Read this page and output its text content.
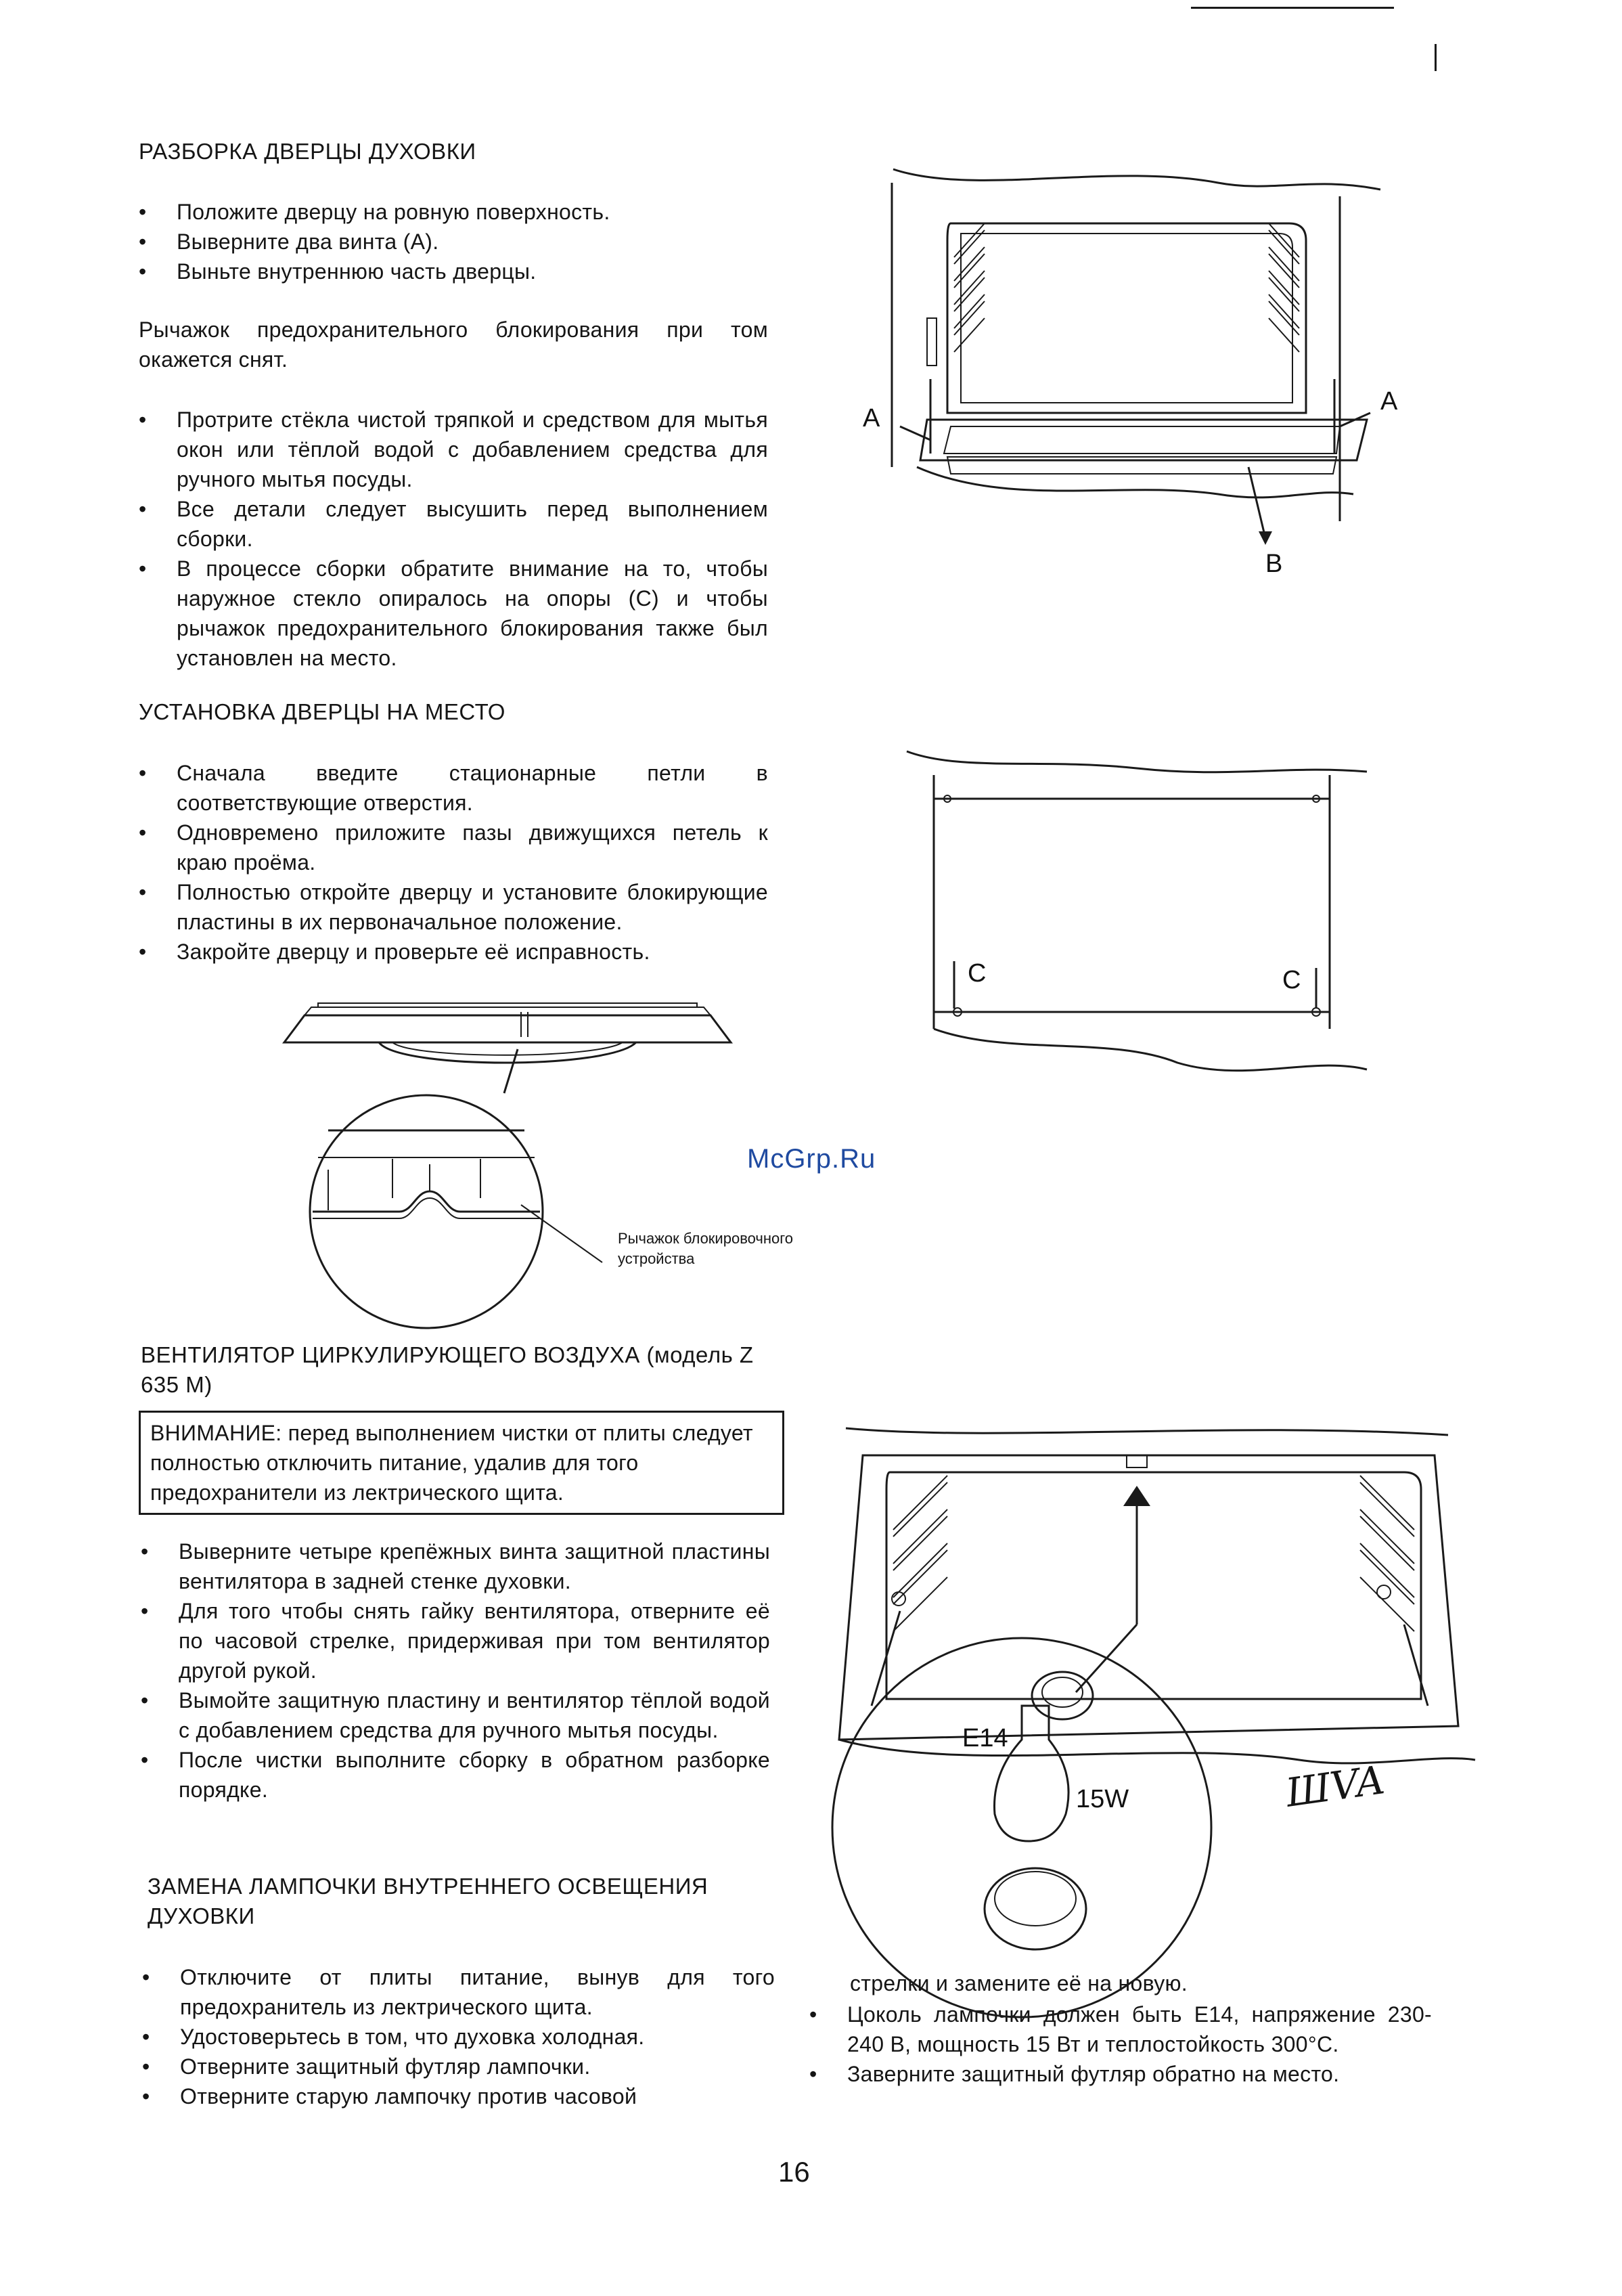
РАЗБОРКА ДВЕРЦЫ ДУХОВКИ
• Положите дверцу на ровную поверхность.
• Выверните два винта (А).
• Выньте внутреннюю часть дверцы.
Рычажок предохранительного блокирования при том окажется снят.
• Протрите стёкла чистой тряпкой и средством для мытья окон или тёплой водой с добавлением средства для ручного мытья посуды.
• Все детали следует высушить перед выполнением сборки.
• В процессе сборки обратите внимание на то, чтобы наружное стекло опиралось на опоры (С) и чтобы рычажок предохранительного блокирования также был установлен на место.
УСТАНОВКА ДВЕРЦЫ НА МЕСТО
• Сначала введите стационарные петли в соответствующие отверстия.
• Одновремено приложите пазы движущихся петель к краю проёма.
• Полностью откройте дверцу и установите блокирующие пластины в их первоначальное положение.
• Закройте дверцу и проверьте её исправность.
Рычажок блокировочного устройства
ВЕНТИЛЯТОР ЦИРКУЛИРУЮЩЕГО ВОЗДУХА (модель Z 635 M)
ВНИМАНИЕ: перед выполнением чистки от плиты следует полностью отключить питание, удалив для того предохранители из лектрического щита.
• Выверните четыре крепёжных винта защитной пластины вентилятора в задней стенке духовки.
• Для того чтобы снять гайку вентилятора, отверните её по часовой стрелке, придерживая при том вентилятор другой рукой.
• Вымойте защитную пластину и вентилятор тёплой водой с добавлением средства для ручного мытья посуды.
• После чистки выполните сборку в обратном разборке порядке.
ЗАМЕНА ЛАМПОЧКИ ВНУТРЕННЕГО ОСВЕЩЕНИЯ ДУХОВКИ
• Отключите от плиты питание, вынув для того предохранитель из лектрического щита.
• Удостоверьтесь в том, что духовка холодная.
• Отверните защитный футляр лампочки.
• Отверните старую лампочку против часовой
стрелки и замените её на новую.
• Цоколь лампочки должен быть Е14, напряжение 230-240 В, мощность 15 Вт и теплостойкость 300°С.
• Заверните защитный футляр обратно на место.
A
A
B
C	C
McGrp.Ru
E14
15W	ШVA
16
